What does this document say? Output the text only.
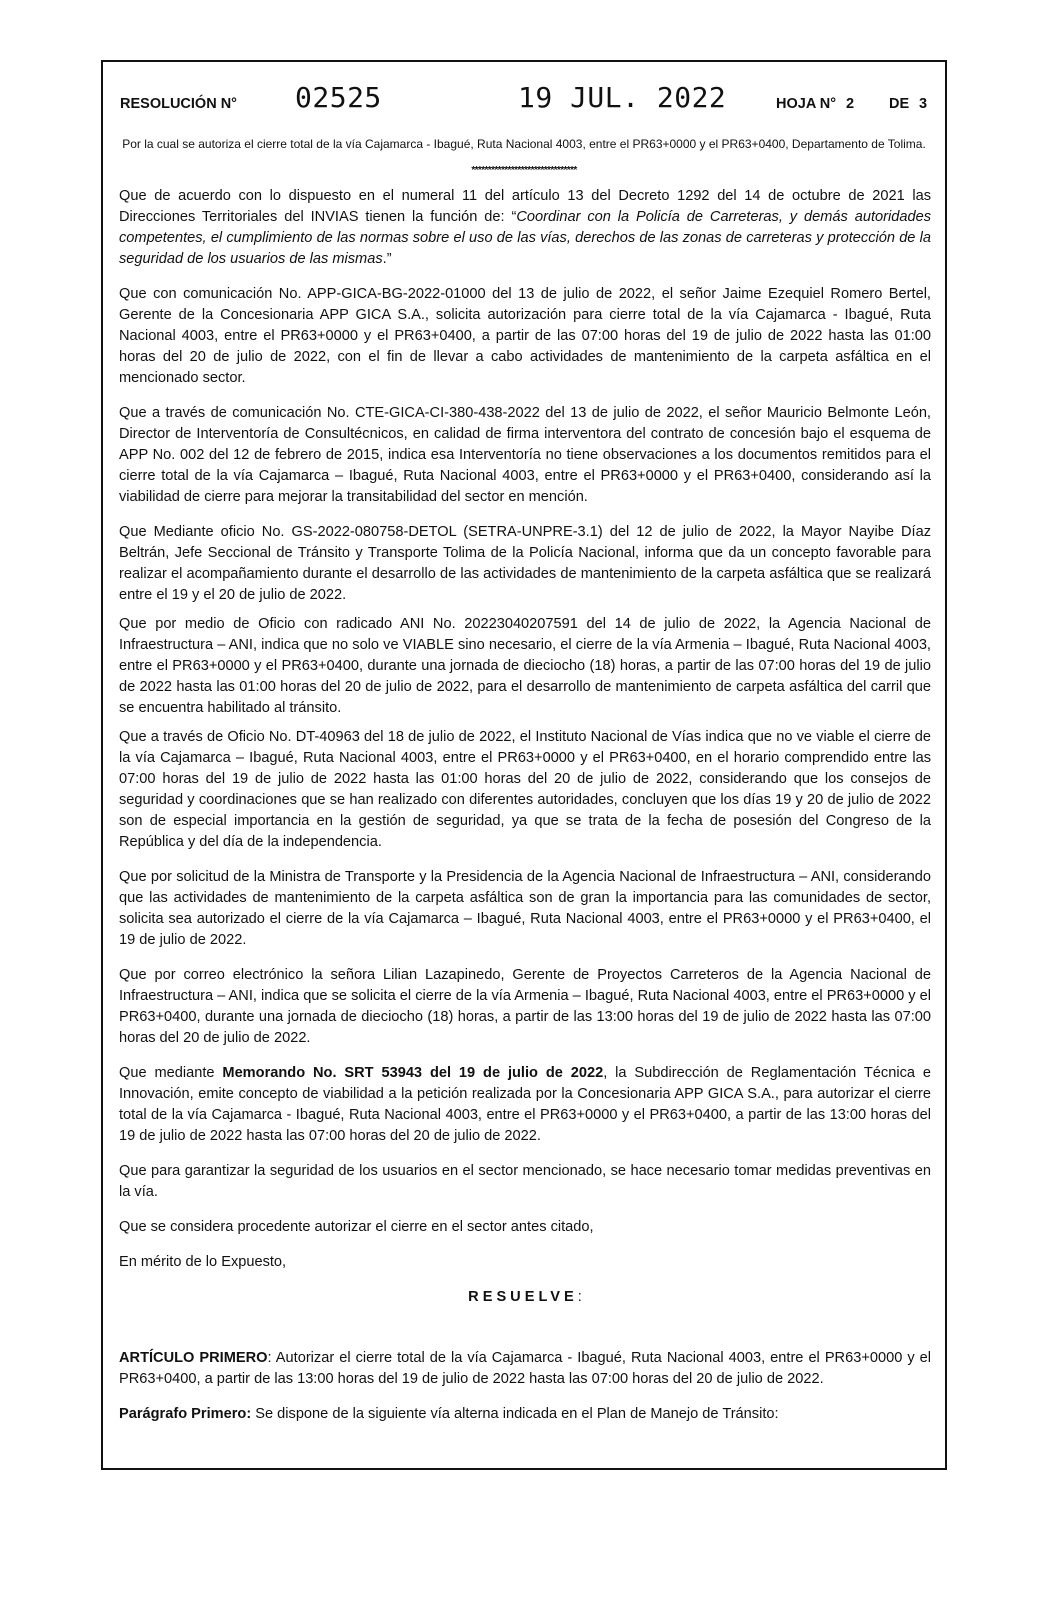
RESOLUCIÓN N° 02525	19 JUL. 2022	HOJA N° 2 DE 3
Por la cual se autoriza el cierre total de la vía Cajamarca - Ibagué, Ruta Nacional 4003, entre el PR63+0000 y el PR63+0400, Departamento de Tolima.
********************************

Que de acuerdo con lo dispuesto en el numeral 11 del artículo 13 del Decreto 1292 del 14 de octubre de 2021 las Direcciones Territoriales del INVIAS tienen la función de: “Coordinar con la Policía de Carreteras, y demás autoridades competentes, el cumplimiento de las normas sobre el uso de las vías, derechos de las zonas de carreteras y protección de la seguridad de los usuarios de las mismas.”

Que con comunicación No. APP-GICA-BG-2022-01000 del 13 de julio de 2022, el señor Jaime Ezequiel Romero Bertel, Gerente de la Concesionaria APP GICA S.A., solicita autorización para cierre total de la vía Cajamarca - Ibagué, Ruta Nacional 4003, entre el PR63+0000 y el PR63+0400, a partir de las 07:00 horas del 19 de julio de 2022 hasta las 01:00 horas del 20 de julio de 2022, con el fin de llevar a cabo actividades de mantenimiento de la carpeta asfáltica en el mencionado sector.

Que a través de comunicación No. CTE-GICA-CI-380-438-2022 del 13 de julio de 2022, el señor Mauricio Belmonte León, Director de Interventoría de Consultécnicos, en calidad de firma interventora del contrato de concesión bajo el esquema de APP No. 002 del 12 de febrero de 2015, indica esa Interventoría no tiene observaciones a los documentos remitidos para el cierre total de la vía Cajamarca – Ibagué, Ruta Nacional 4003, entre el PR63+0000 y el PR63+0400, considerando así la viabilidad de cierre para mejorar la transitabilidad del sector en mención.

Que Mediante oficio No. GS-2022-080758-DETOL (SETRA-UNPRE-3.1) del 12 de julio de 2022, la Mayor Nayibe Díaz Beltrán, Jefe Seccional de Tránsito y Transporte Tolima de la Policía Nacional, informa que da un concepto favorable para realizar el acompañamiento durante el desarrollo de las actividades de mantenimiento de la carpeta asfáltica que se realizará entre el 19 y el 20 de julio de 2022.

Que por medio de Oficio con radicado ANI No. 20223040207591 del 14 de julio de 2022, la Agencia Nacional de Infraestructura – ANI, indica que no solo ve VIABLE sino necesario, el cierre de la vía Armenia – Ibagué, Ruta Nacional 4003, entre el PR63+0000 y el PR63+0400, durante una jornada de dieciocho (18) horas, a partir de las 07:00 horas del 19 de julio de 2022 hasta las 01:00 horas del 20 de julio de 2022, para el desarrollo de mantenimiento de carpeta asfáltica del carril que se encuentra habilitado al tránsito.

Que a través de Oficio No. DT-40963 del 18 de julio de 2022, el Instituto Nacional de Vías indica que no ve viable el cierre de la vía Cajamarca – Ibagué, Ruta Nacional 4003, entre el PR63+0000 y el PR63+0400, en el horario comprendido entre las 07:00 horas del 19 de julio de 2022 hasta las 01:00 horas del 20 de julio de 2022, considerando que los consejos de seguridad y coordinaciones que se han realizado con diferentes autoridades, concluyen que los días 19 y 20 de julio de 2022 son de especial importancia en la gestión de seguridad, ya que se trata de la fecha de posesión del Congreso de la República y del día de la independencia.

Que por solicitud de la Ministra de Transporte y la Presidencia de la Agencia Nacional de Infraestructura – ANI, considerando que las actividades de mantenimiento de la carpeta asfáltica son de gran la importancia para las comunidades de sector, solicita sea autorizado el cierre de la vía Cajamarca – Ibagué, Ruta Nacional 4003, entre el PR63+0000 y el PR63+0400, el 19 de julio de 2022.

Que por correo electrónico la señora Lilian Lazapinedo, Gerente de Proyectos Carreteros de la Agencia Nacional de Infraestructura – ANI, indica que se solicita el cierre de la vía Armenia – Ibagué, Ruta Nacional 4003, entre el PR63+0000 y el PR63+0400, durante una jornada de dieciocho (18) horas, a partir de las 13:00 horas del 19 de julio de 2022 hasta las 07:00 horas del 20 de julio de 2022.

Que mediante Memorando No. SRT 53943 del 19 de julio de 2022, la Subdirección de Reglamentación Técnica e Innovación, emite concepto de viabilidad a la petición realizada por la Concesionaria APP GICA S.A., para autorizar el cierre total de la vía Cajamarca - Ibagué, Ruta Nacional 4003, entre el PR63+0000 y el PR63+0400, a partir de las 13:00 horas del 19 de julio de 2022 hasta las 07:00 horas del 20 de julio de 2022.

Que para garantizar la seguridad de los usuarios en el sector mencionado, se hace necesario tomar medidas preventivas en la vía.

Que se considera procedente autorizar el cierre en el sector antes citado,

En mérito de lo Expuesto,

RESUELVE:

ARTÍCULO PRIMERO: Autorizar el cierre total de la vía Cajamarca - Ibagué, Ruta Nacional 4003, entre el PR63+0000 y el PR63+0400, a partir de las 13:00 horas del 19 de julio de 2022 hasta las 07:00 horas del 20 de julio de 2022.

Parágrafo Primero: Se dispone de la siguiente vía alterna indicada en el Plan de Manejo de Tránsito:
